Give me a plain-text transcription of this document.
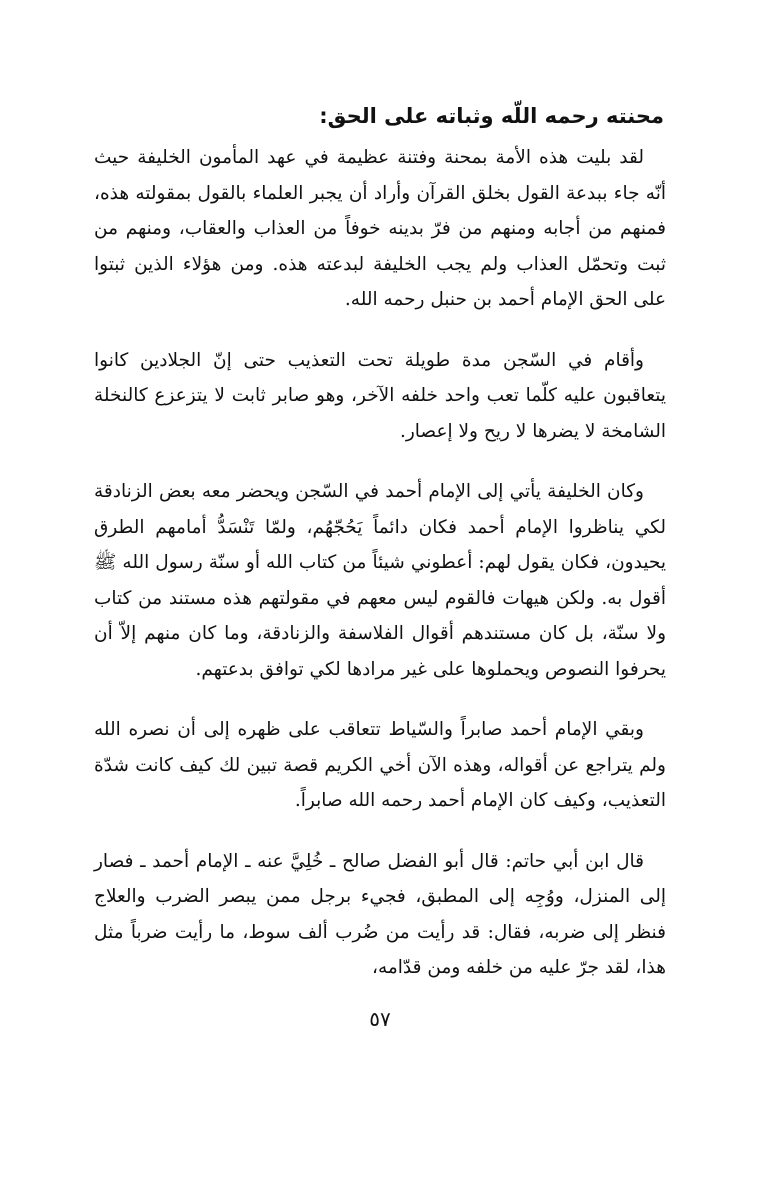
محنته رحمه اللّه وثباته على الحق:

لقد بليت هذه الأمة بمحنة وفتنة عظيمة في عهد المأمون الخليفة حيث أنّه جاء ببدعة القول بخلق القرآن وأراد أن يجبر العلماء بالقول بمقولته هذه، فمنهم من أجابه ومنهم من فرّ بدينه خوفاً من العذاب والعقاب، ومنهم من ثبت وتحمّل العذاب ولم يجب الخليفة لبدعته هذه. ومن هؤلاء الذين ثبتوا على الحق الإمام أحمد بن حنبل رحمه الله.

وأقام في السّجن مدة طويلة تحت التعذيب حتى إنّ الجلادين كانوا يتعاقبون عليه كلّما تعب واحد خلفه الآخر، وهو صابر ثابت لا يتزعزع كالنخلة الشامخة لا يضرها لا ريح ولا إعصار.

وكان الخليفة يأتي إلى الإمام أحمد في السّجن ويحضر معه بعض الزنادقة لكي يناظروا الإمام أحمد فكان دائماً يَحُجّهُم، ولمّا تَنْسَدُّ أمامهم الطرق يحيدون، فكان يقول لهم: أعطوني شيئاً من كتاب الله أو سنّة رسول الله ﷺ أقول به. ولكن هيهات فالقوم ليس معهم في مقولتهم هذه مستند من كتاب ولا سنّة، بل كان مستندهم أقوال الفلاسفة والزنادقة، وما كان منهم إلاّ أن يحرفوا النصوص ويحملوها على غير مرادها لكي توافق بدعتهم.

وبقي الإمام أحمد صابراً والسّياط تتعاقب على ظهره إلى أن نصره الله ولم يتراجع عن أقواله، وهذه الآن أخي الكريم قصة تبين لك كيف كانت شدّة التعذيب، وكيف كان الإمام أحمد رحمه الله صابراً.

قال ابن أبي حاتم: قال أبو الفضل صالح ـ خُلِيَّ عنه ـ الإمام أحمد ـ فصار إلى المنزل، ووُجِه إلى المطبق، فجيء برجل ممن يبصر الضرب والعلاج فنظر إلى ضربه، فقال: قد رأيت من ضُرب ألف سوط، ما رأيت ضرباً مثل هذا، لقد جرّ عليه من خلفه ومن قدّامه،

٥٧
